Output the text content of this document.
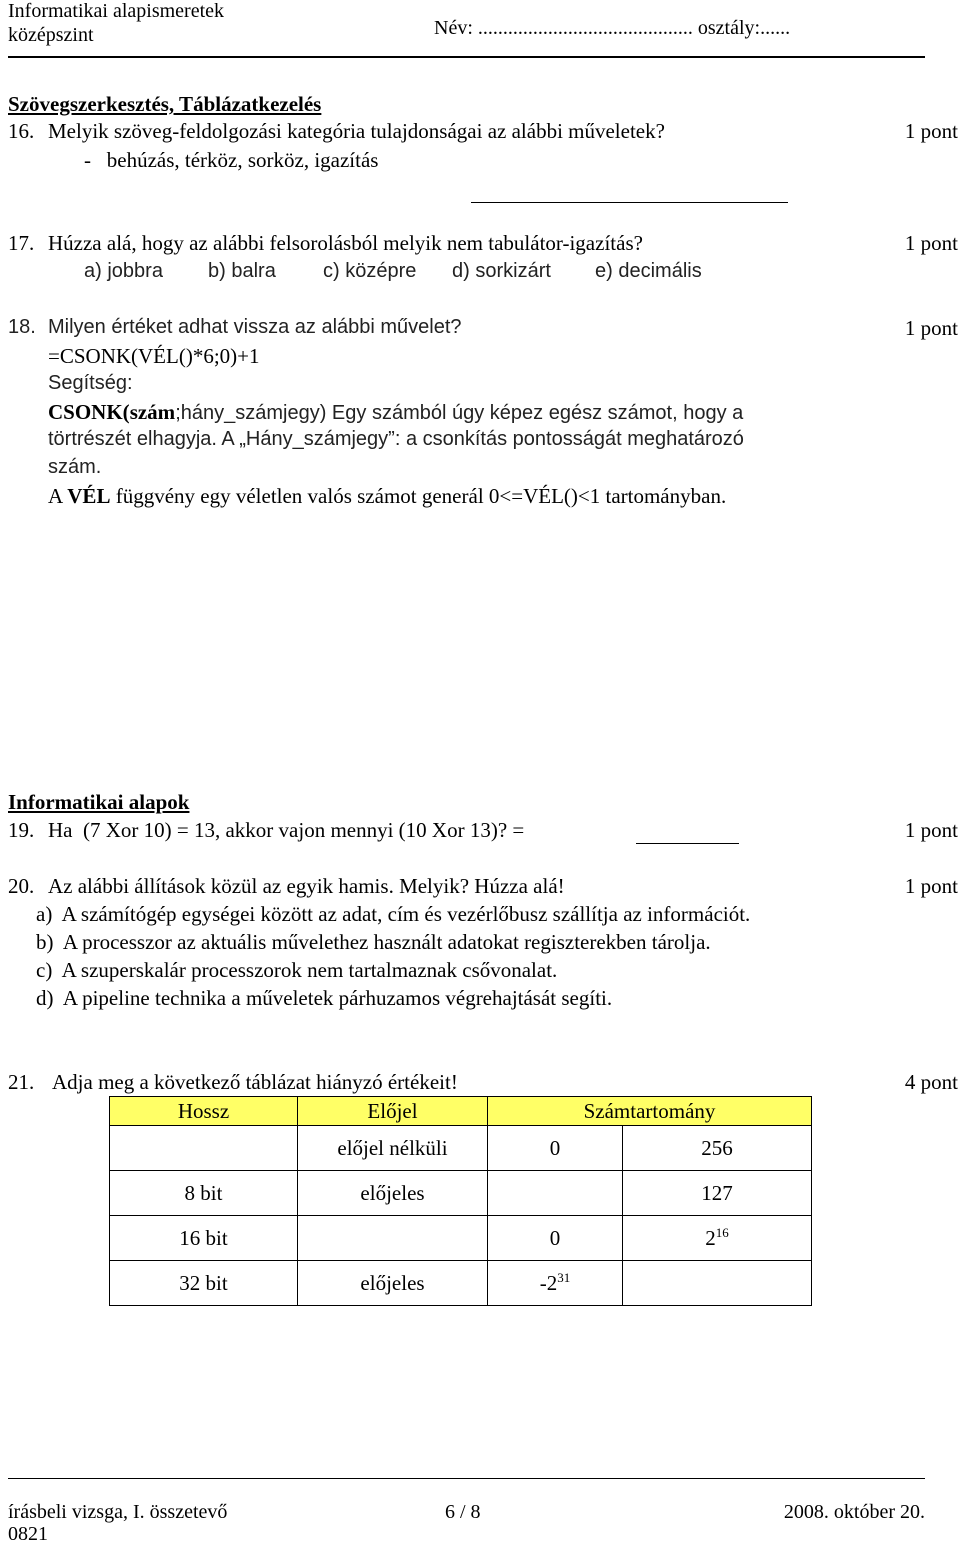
Informatikai alapismeretek
középszint	Név: ........................................... osztály:......
Szövegszerkesztés, Táblázatkezelés
16. Melyik szöveg-feldolgozási kategória tulajdonságai az alábbi műveletek?	1 pont
-   behúzás, térköz, sorköz, igazítás
17. Húzza alá, hogy az alábbi felsorolásból melyik nem tabulátor-igazítás?	1 pont
a) jobbra b) balra c) középre d) sorkizárt e) decimális
18. Milyen értéket adhat vissza az alábbi művelet?	1 pont
=CSONK(VÉL()*6;0)+1
Segítség:
CSONK(szám;hány_számjegy) Egy számból úgy képez egész számot, hogy a
törtrészét elhagyja. A „Hány_számjegy”: a csonkítás pontosságát meghatározó
szám.
A VÉL függvény egy véletlen valós számot generál 0<=VÉL()<1 tartományban.
Informatikai alapok
19. Ha  (7 Xor 10) = 13, akkor vajon mennyi (10 Xor 13)? =	1 pont
20. Az alábbi állítások közül az egyik hamis. Melyik? Húzza alá!	1 pont
a)  A számítógép egységei között az adat, cím és vezérlőbusz szállítja az információt.
b)  A processzor az aktuális művelethez használt adatokat regiszterekben tárolja.
c)  A szuperskalár processzorok nem tartalmaznak csővonalat.
d)  A pipeline technika a műveletek párhuzamos végrehajtását segíti.
21. Adja meg a következő táblázat hiányzó értékeit!	4 pont
Hossz	Előjel	Számtartomány	
	előjel nélküli	0	256
8 bit	előjeles		127
16 bit		0	$2^{16}$
32 bit	előjeles	$-2^{31}$	
írásbeli vizsga, I. összetevő
0821
6 / 8	2008. október 20.
